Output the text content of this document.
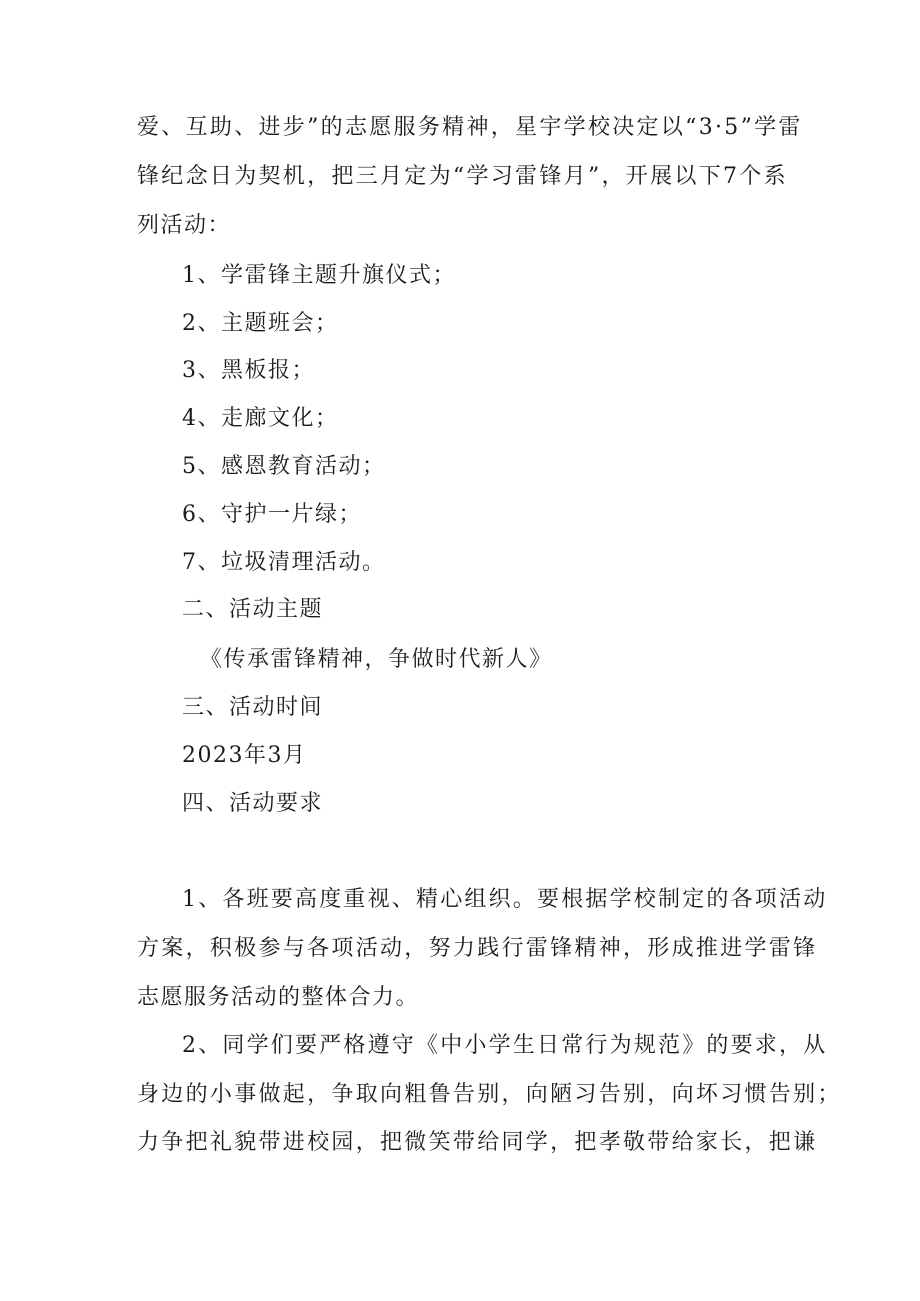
爱、互助、进步”的志愿服务精神，星宇学校决定以“3·5”学雷
锋纪念日为契机，把三月定为“学习雷锋月”，开展以下7个系
列活动：
1、学雷锋主题升旗仪式；
2、主题班会；
3、黑板报；
4、走廊文化；
5、感恩教育活动；
6、守护一片绿；
7、垃圾清理活动。
二、活动主题
《传承雷锋精神，争做时代新人》
三、活动时间
2023年3月
四、活动要求
1、各班要高度重视、精心组织。要根据学校制定的各项活动
方案，积极参与各项活动，努力践行雷锋精神，形成推进学雷锋
志愿服务活动的整体合力。
2、同学们要严格遵守《中小学生日常行为规范》的要求，从
身边的小事做起，争取向粗鲁告别，向陋习告别，向坏习惯告别；
力争把礼貌带进校园，把微笑带给同学，把孝敬带给家长，把谦
